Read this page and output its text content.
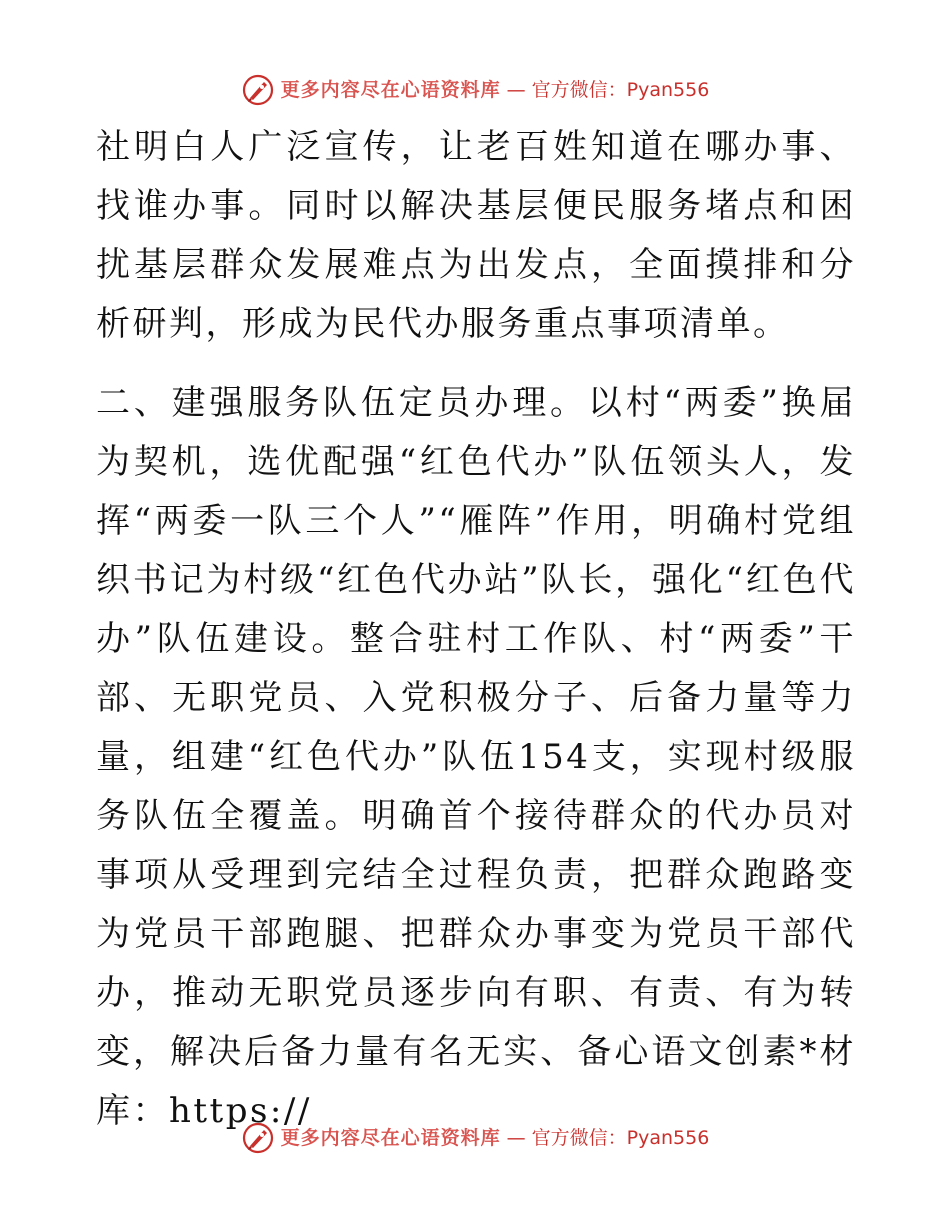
更多内容尽在心语资料库 — 官方微信：Pyan556

社明白人广泛宣传，让老百姓知道在哪办事、找谁办事。同时以解决基层便民服务堵点和困扰基层群众发展难点为出发点，全面摸排和分析研判，形成为民代办服务重点事项清单。

二、建强服务队伍定员办理。以村“两委”换届为契机，选优配强“红色代办”队伍领头人，发挥“两委一队三个人”“雁阵”作用，明确村党组织书记为村级“红色代办站”队长，强化“红色代办”队伍建设。整合驻村工作队、村“两委”干部、无职党员、入党积极分子、后备力量等力量，组建“红色代办”队伍154支，实现村级服务队伍全覆盖。明确首个接待群众的代办员对事项从受理到完结全过程负责，把群众跑路变为党员干部跑腿、把群众办事变为党员干部代办，推动无职党员逐步向有职、有责、有为转变，解决后备力量有名无实、备心语文创素*材库：https://

更多内容尽在心语资料库 — 官方微信：Pyan556
